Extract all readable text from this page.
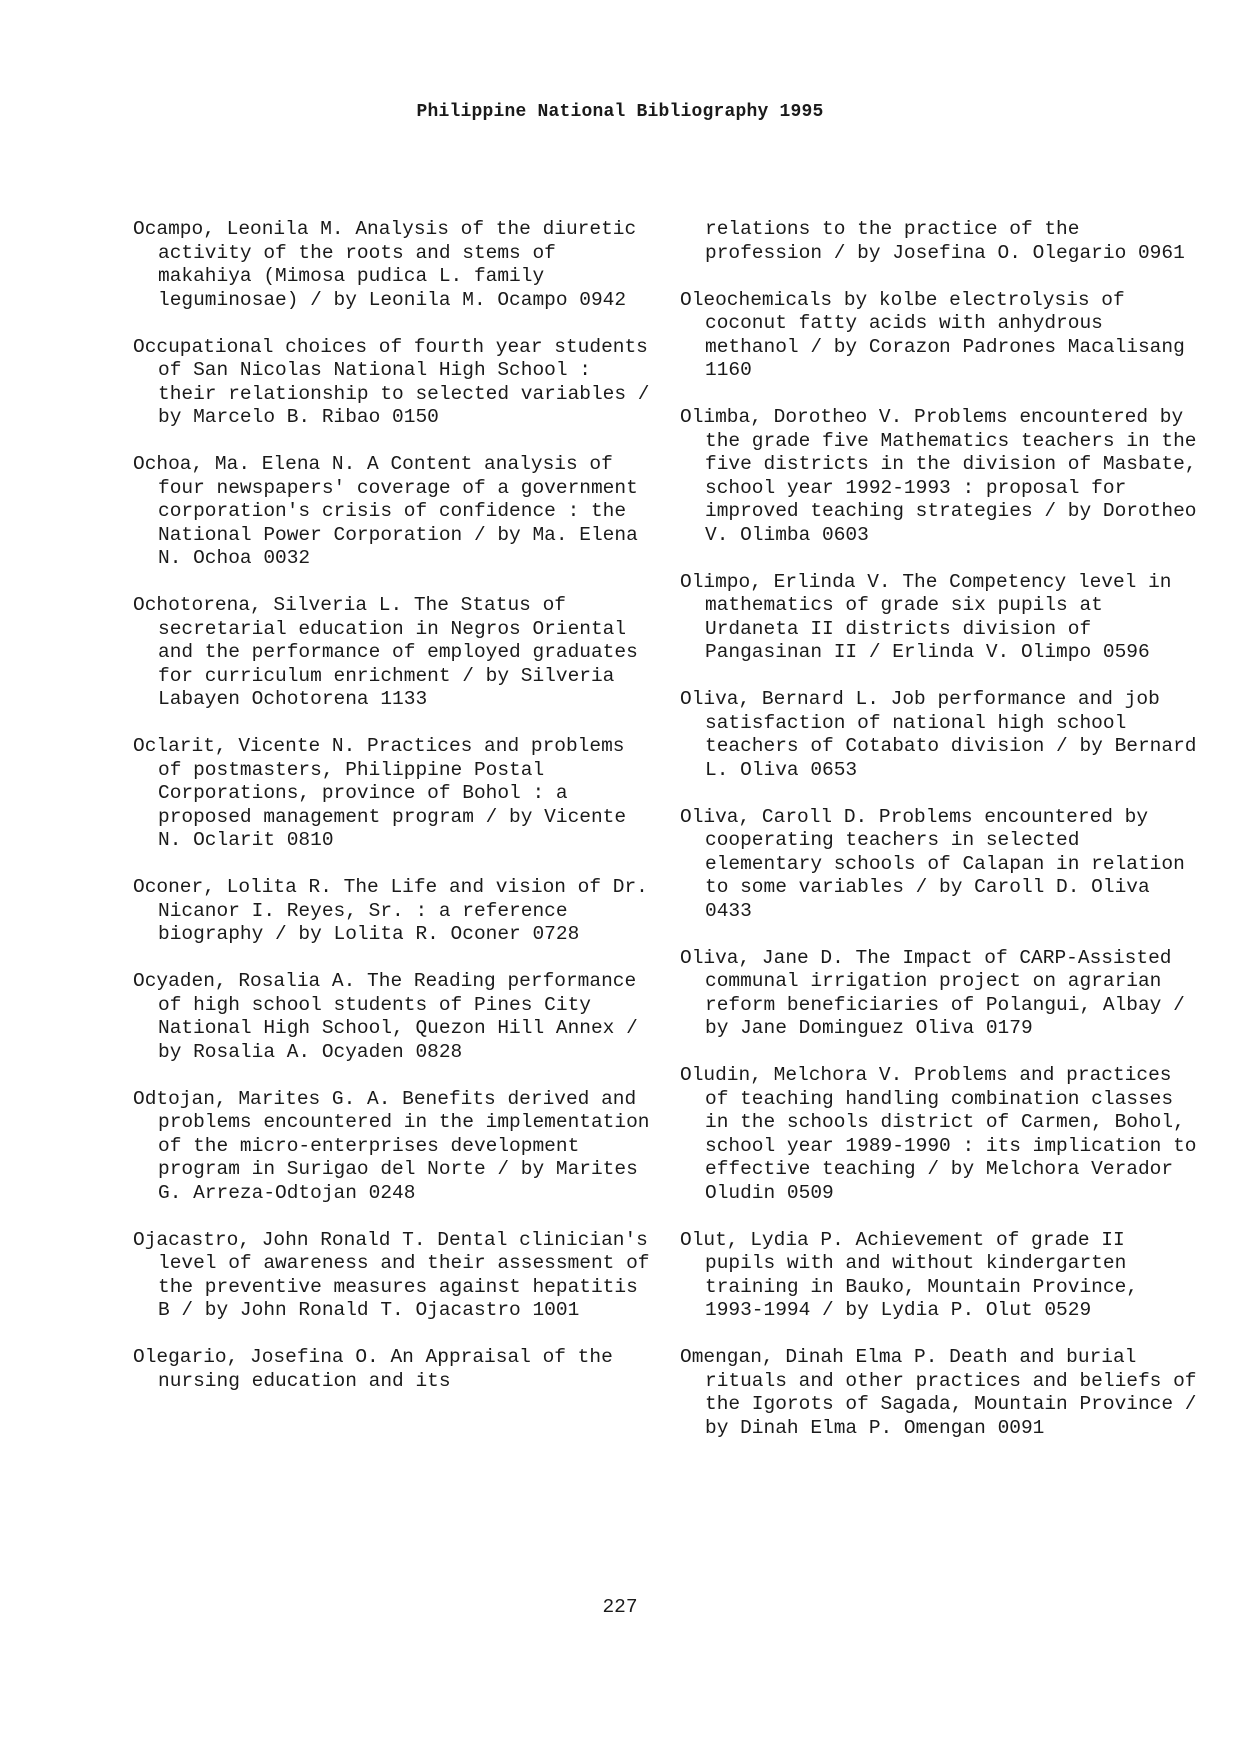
Philippine National Bibliography 1995

Ocampo, Leonila M. Analysis of the diuretic activity of the roots and stems of makahiya (Mimosa pudica L. family leguminosae) / by Leonila M. Ocampo 0942

Occupational choices of fourth year students of San Nicolas National High School : their relationship to selected variables / by Marcelo B. Ribao 0150

Ochoa, Ma. Elena N. A Content analysis of four newspapers' coverage of a government corporation's crisis of confidence : the National Power Corporation / by Ma. Elena N. Ochoa 0032

Ochotorena, Silveria L. The Status of secretarial education in Negros Oriental and the performance of employed graduates for curriculum enrichment / by Silveria Labayen Ochotorena 1133

Oclarit, Vicente N. Practices and problems of postmasters, Philippine Postal Corporations, province of Bohol : a proposed management program / by Vicente N. Oclarit 0810

Oconer, Lolita R. The Life and vision of Dr. Nicanor I. Reyes, Sr. : a reference biography / by Lolita R. Oconer 0728

Ocyaden, Rosalia A. The Reading performance of high school students of Pines City National High School, Quezon Hill Annex / by Rosalia A. Ocyaden 0828

Odtojan, Marites G. A. Benefits derived and problems encountered in the implementation of the micro-enterprises development program in Surigao del Norte / by Marites G. Arreza-Odtojan 0248

Ojacastro, John Ronald T. Dental clinician's level of awareness and their assessment of the preventive measures against hepatitis B / by John Ronald T. Ojacastro 1001

Olegario, Josefina O. An Appraisal of the nursing education and its

relations to the practice of the profession / by Josefina O. Olegario 0961

Oleochemicals by kolbe electrolysis of coconut fatty acids with anhydrous methanol / by Corazon Padrones Macalisang 1160

Olimba, Dorotheo V. Problems encountered by the grade five Mathematics teachers in the five districts in the division of Masbate, school year 1992-1993 : proposal for improved teaching strategies / by Dorotheo V. Olimba 0603

Olimpo, Erlinda V. The Competency level in mathematics of grade six pupils at Urdaneta II districts division of Pangasinan II / Erlinda V. Olimpo 0596

Oliva, Bernard L. Job performance and job satisfaction of national high school teachers of Cotabato division / by Bernard L. Oliva 0653

Oliva, Caroll D. Problems encountered by cooperating teachers in selected elementary schools of Calapan in relation to some variables / by Caroll D. Oliva 0433

Oliva, Jane D. The Impact of CARP-Assisted communal irrigation project on agrarian reform beneficiaries of Polangui, Albay / by Jane Dominguez Oliva 0179

Oludin, Melchora V. Problems and practices of teaching handling combination classes in the schools district of Carmen, Bohol, school year 1989-1990 : its implication to effective teaching / by Melchora Verador Oludin 0509

Olut, Lydia P. Achievement of grade II pupils with and without kindergarten training in Bauko, Mountain Province, 1993-1994 / by Lydia P. Olut 0529

Omengan, Dinah Elma P. Death and burial rituals and other practices and beliefs of the Igorots of Sagada, Mountain Province / by Dinah Elma P. Omengan 0091

227
